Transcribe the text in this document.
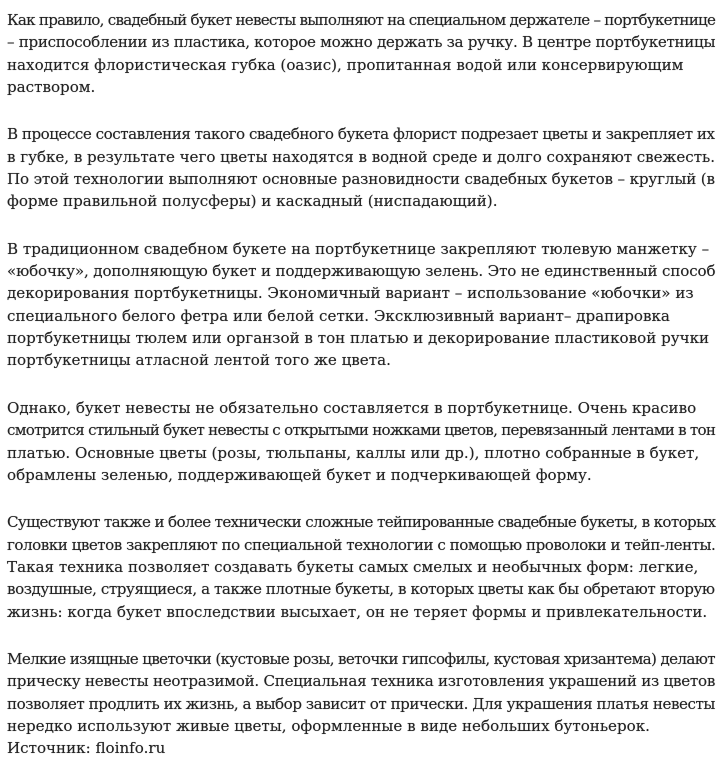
Как правило, свадебный букет невесты выполняют на специальном держателе – портбукетнице
– приспособлении из пластика, которое можно держать за ручку. В центре портбукетницы
находится флористическая губка (оазис), пропитанная водой или консервирующим
раствором.
В процессе составления такого свадебного букета флорист подрезает цветы и закрепляет их
в губке, в результате чего цветы находятся в водной среде и долго сохраняют свежесть.
По этой технологии выполняют основные разновидности свадебных букетов – круглый (в
форме правильной полусферы) и каскадный (ниспадающий).
В традиционном свадебном букете на портбукетнице закрепляют тюлевую манжетку –
«юбочку», дополняющую букет и поддерживающую зелень. Это не единственный способ
декорирования портбукетницы. Экономичный вариант – использование «юбочки» из
специального белого фетра или белой сетки. Эксклюзивный вариант– драпировка
портбукетницы тюлем или органзой в тон платью и декорирование пластиковой ручки
портбукетницы атласной лентой того же цвета.
Однако, букет невесты не обязательно составляется в портбукетнице. Очень красиво
смотрится стильный букет невесты с открытыми ножками цветов, перевязанный лентами в тон
платью. Основные цветы (розы, тюльпаны, каллы или др.), плотно собранные в букет,
обрамлены зеленью, поддерживающей букет и подчеркивающей форму.
Существуют также и более технически сложные тейпированные свадебные букеты, в которых
головки цветов закрепляют по специальной технологии с помощью проволоки и тейп-ленты.
Такая техника позволяет создавать букеты самых смелых и необычных форм: легкие,
воздушные, струящиеся, а также плотные букеты, в которых цветы как бы обретают вторую
жизнь: когда букет впоследствии высыхает, он не теряет формы и привлекательности.
Мелкие изящные цветочки (кустовые розы, веточки гипсофилы, кустовая хризантема) делают
прическу невесты неотразимой. Специальная техника изготовления украшений из цветов
позволяет продлить их жизнь, а выбор зависит от прически. Для украшения платья невесты
нередко используют живые цветы, оформленные в виде небольших бутоньерок.
Источник: floinfo.ru
